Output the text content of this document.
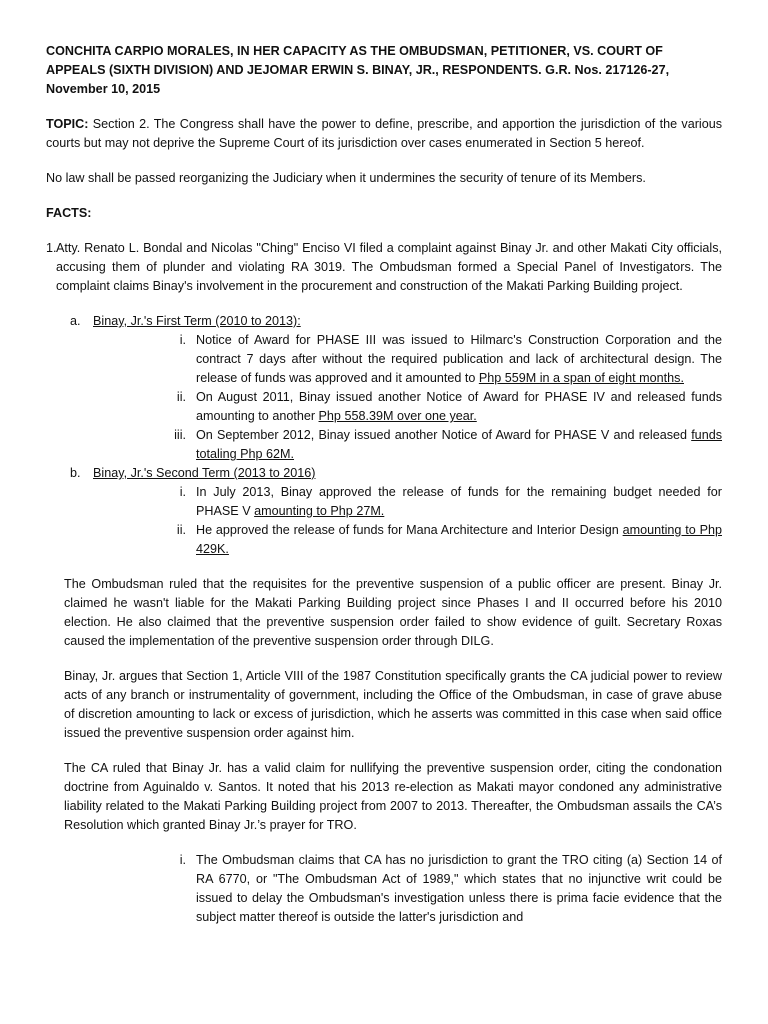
CONCHITA CARPIO MORALES, IN HER CAPACITY AS THE OMBUDSMAN, PETITIONER, VS. COURT OF APPEALS (SIXTH DIVISION) AND JEJOMAR ERWIN S. BINAY, JR., RESPONDENTS. G.R. Nos. 217126-27, November 10, 2015

TOPIC: Section 2. The Congress shall have the power to define, prescribe, and apportion the jurisdiction of the various courts but may not deprive the Supreme Court of its jurisdiction over cases enumerated in Section 5 hereof.

No law shall be passed reorganizing the Judiciary when it undermines the security of tenure of its Members.

FACTS:

1. Atty. Renato L. Bondal and Nicolas "Ching" Enciso VI filed a complaint against Binay Jr. and other Makati City officials, accusing them of plunder and violating RA 3019. The Ombudsman formed a Special Panel of Investigators. The complaint claims Binay's involvement in the procurement and construction of the Makati Parking Building project.
a. Binay, Jr.'s First Term (2010 to 2013):
i. Notice of Award for PHASE III was issued to Hilmarc's Construction Corporation and the contract 7 days after without the required publication and lack of architectural design. The release of funds was approved and it amounted to Php 559M in a span of eight months.
ii. On August 2011, Binay issued another Notice of Award for PHASE IV and released funds amounting to another Php 558.39M over one year.
iii. On September 2012, Binay issued another Notice of Award for PHASE V and released funds totaling Php 62M.
b. Binay, Jr.'s Second Term (2013 to 2016)
i. In July 2013, Binay approved the release of funds for the remaining budget needed for PHASE V amounting to Php 27M.
ii. He approved the release of funds for Mana Architecture and Interior Design amounting to Php 429K.

The Ombudsman ruled that the requisites for the preventive suspension of a public officer are present. Binay Jr. claimed he wasn't liable for the Makati Parking Building project since Phases I and II occurred before his 2010 election. He also claimed that the preventive suspension order failed to show evidence of guilt. Secretary Roxas caused the implementation of the preventive suspension order through DILG.

Binay, Jr. argues that Section 1, Article VIII of the 1987 Constitution specifically grants the CA judicial power to review acts of any branch or instrumentality of government, including the Office of the Ombudsman, in case of grave abuse of discretion amounting to lack or excess of jurisdiction, which he asserts was committed in this case when said office issued the preventive suspension order against him.

The CA ruled that Binay Jr. has a valid claim for nullifying the preventive suspension order, citing the condonation doctrine from Aguinaldo v. Santos. It noted that his 2013 re-election as Makati mayor condoned any administrative liability related to the Makati Parking Building project from 2007 to 2013. Thereafter, the Ombudsman assails the CA’s Resolution which granted Binay Jr.’s prayer for TRO.

i. The Ombudsman claims that CA has no jurisdiction to grant the TRO citing (a) Section 14 of RA 6770, or "The Ombudsman Act of 1989," which states that no injunctive writ could be issued to delay the Ombudsman's investigation unless there is prima facie evidence that the subject matter thereof is outside the latter's jurisdiction and
